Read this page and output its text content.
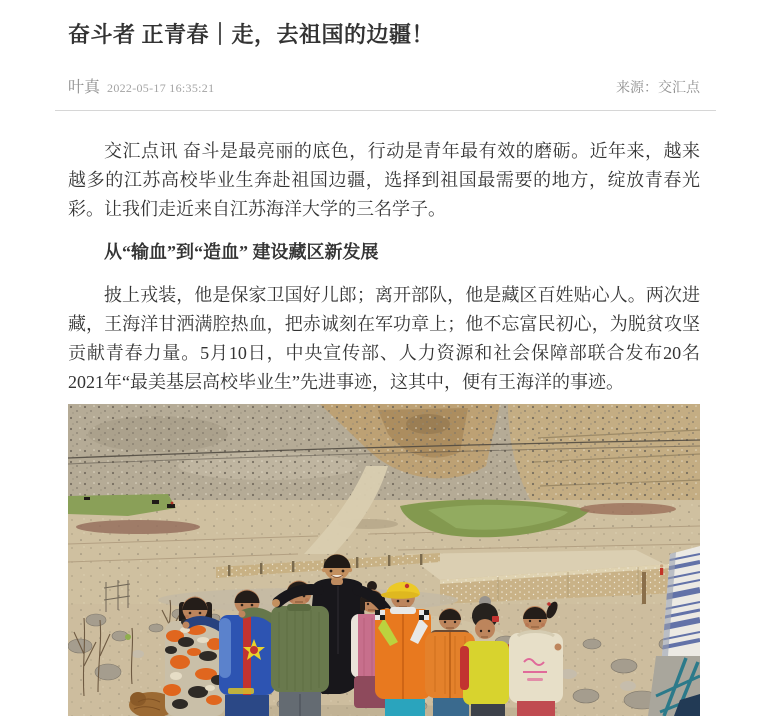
奋斗者 正青春｜走，去祖国的边疆！
叶真 2022-05-17 16:35:21	来源：交汇点

交汇点讯 奋斗是最亮丽的底色，行动是青年最有效的磨砺。近年来，越来越多的江苏高校毕业生奔赴祖国边疆，选择到祖国最需要的地方，绽放青春光彩。让我们走近来自江苏海洋大学的三名学子。

从“输血”到“造血” 建设藏区新发展

披上戎装，他是保家卫国好儿郎；离开部队，他是藏区百姓贴心人。两次进藏，王海洋甘洒满腔热血，把赤诚刻在军功章上；他不忘富民初心，为脱贫攻坚贡献青春力量。5月10日，中央宣传部、人力资源和社会保障部联合发布20名2021年“最美基层高校毕业生”先进事迹，这其中，便有王海洋的事迹。
